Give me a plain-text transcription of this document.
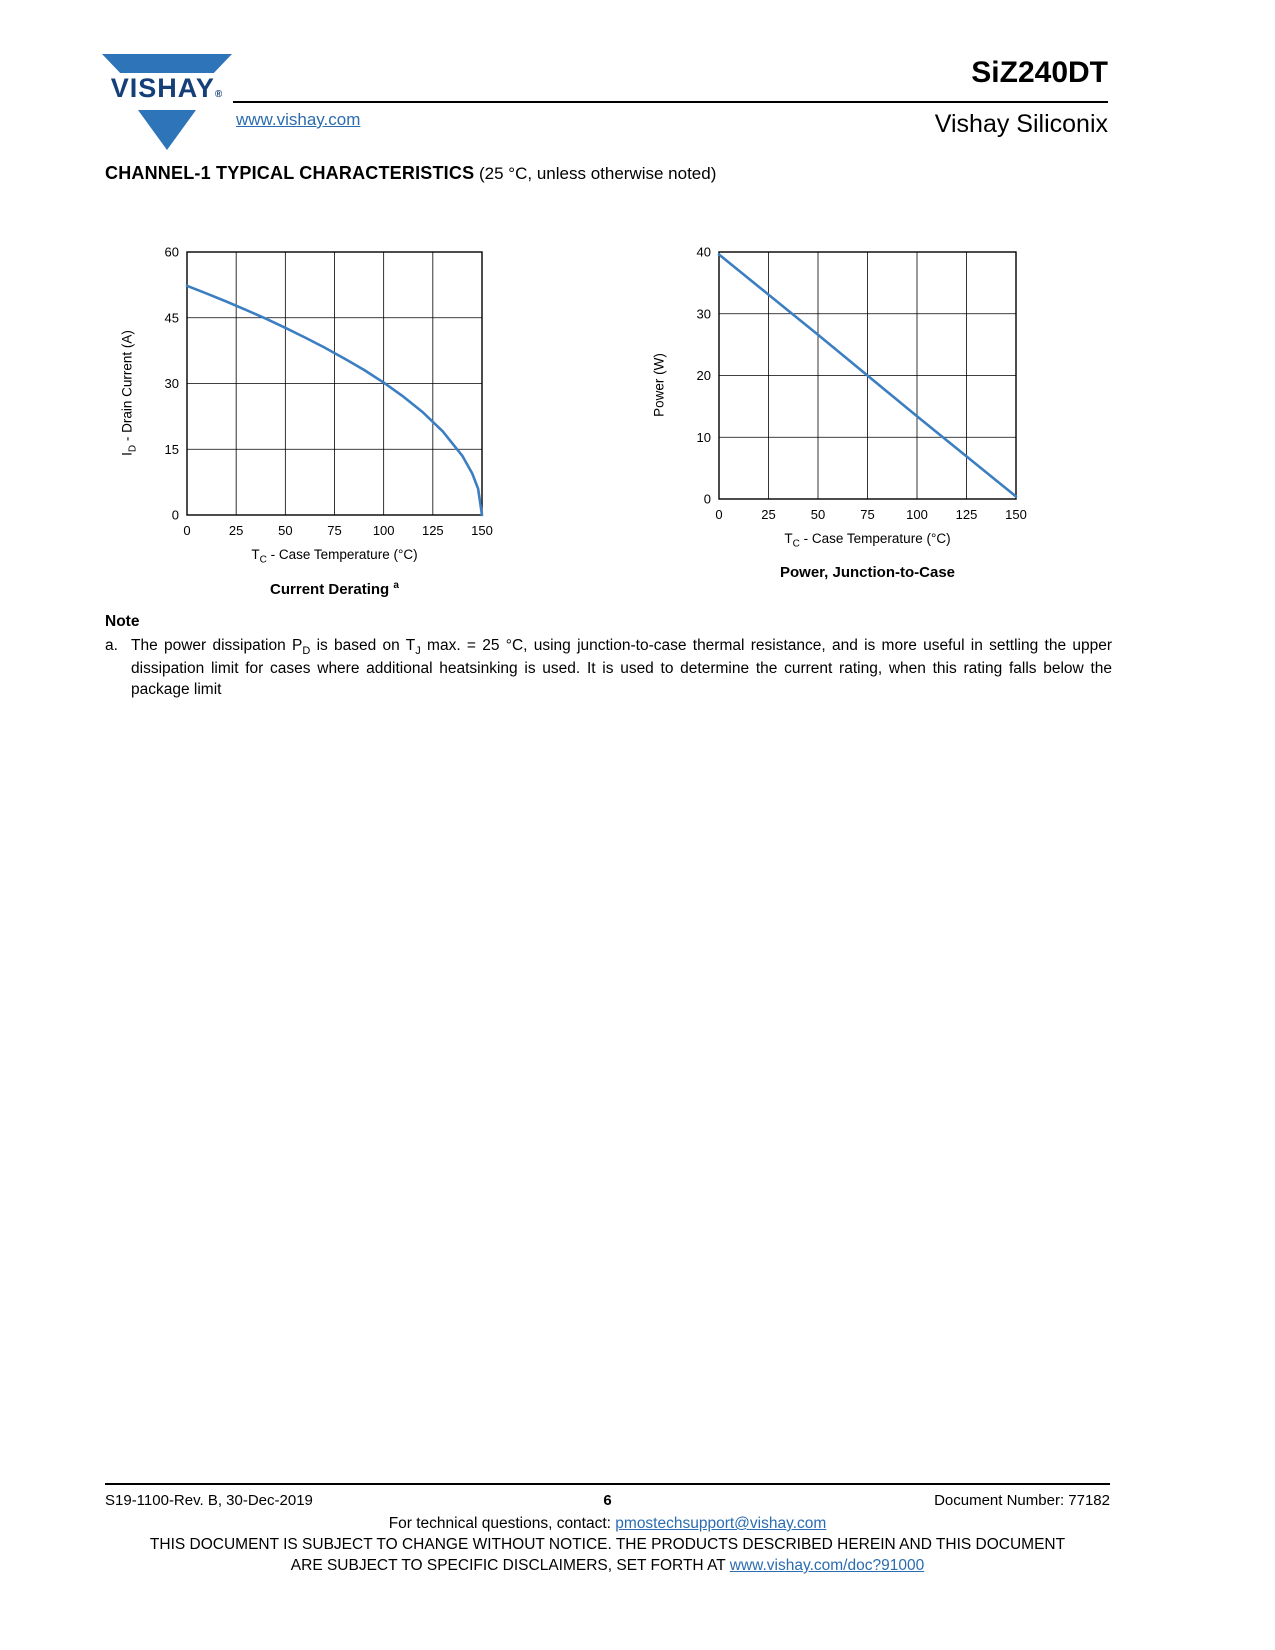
VISHAY®
SiZ240DT
www.vishay.com	Vishay Siliconix
CHANNEL-1 TYPICAL CHARACTERISTICS (25 °C, unless otherwise noted)
$I_D$ - Drain Current (A)
0	25	50	75 100 125 150
0
15
30
45
60
$T_C$ - Case Temperature (°C)
Current Derating $^a$
Power (W)
0	25	50	75 100 125 150
0
10
20
30
40
$T_C$ - Case Temperature (°C)
Power, Junction-to-Case
Note
a. The power dissipation $P_D$ is based on $T_J$ max. = 25 °C, using junction-to-case thermal resistance, and is more useful in settling the upper dissipation limit for cases where additional heatsinking is used. It is used to determine the current rating, when this rating falls below the package limit

S19-1100-Rev. B, 30-Dec-2019	6	Document Number: 77182
For technical questions, contact: pmostechsupport@vishay.com
THIS DOCUMENT IS SUBJECT TO CHANGE WITHOUT NOTICE. THE PRODUCTS DESCRIBED HEREIN AND THIS DOCUMENT
ARE SUBJECT TO SPECIFIC DISCLAIMERS, SET FORTH AT www.vishay.com/doc?91000
